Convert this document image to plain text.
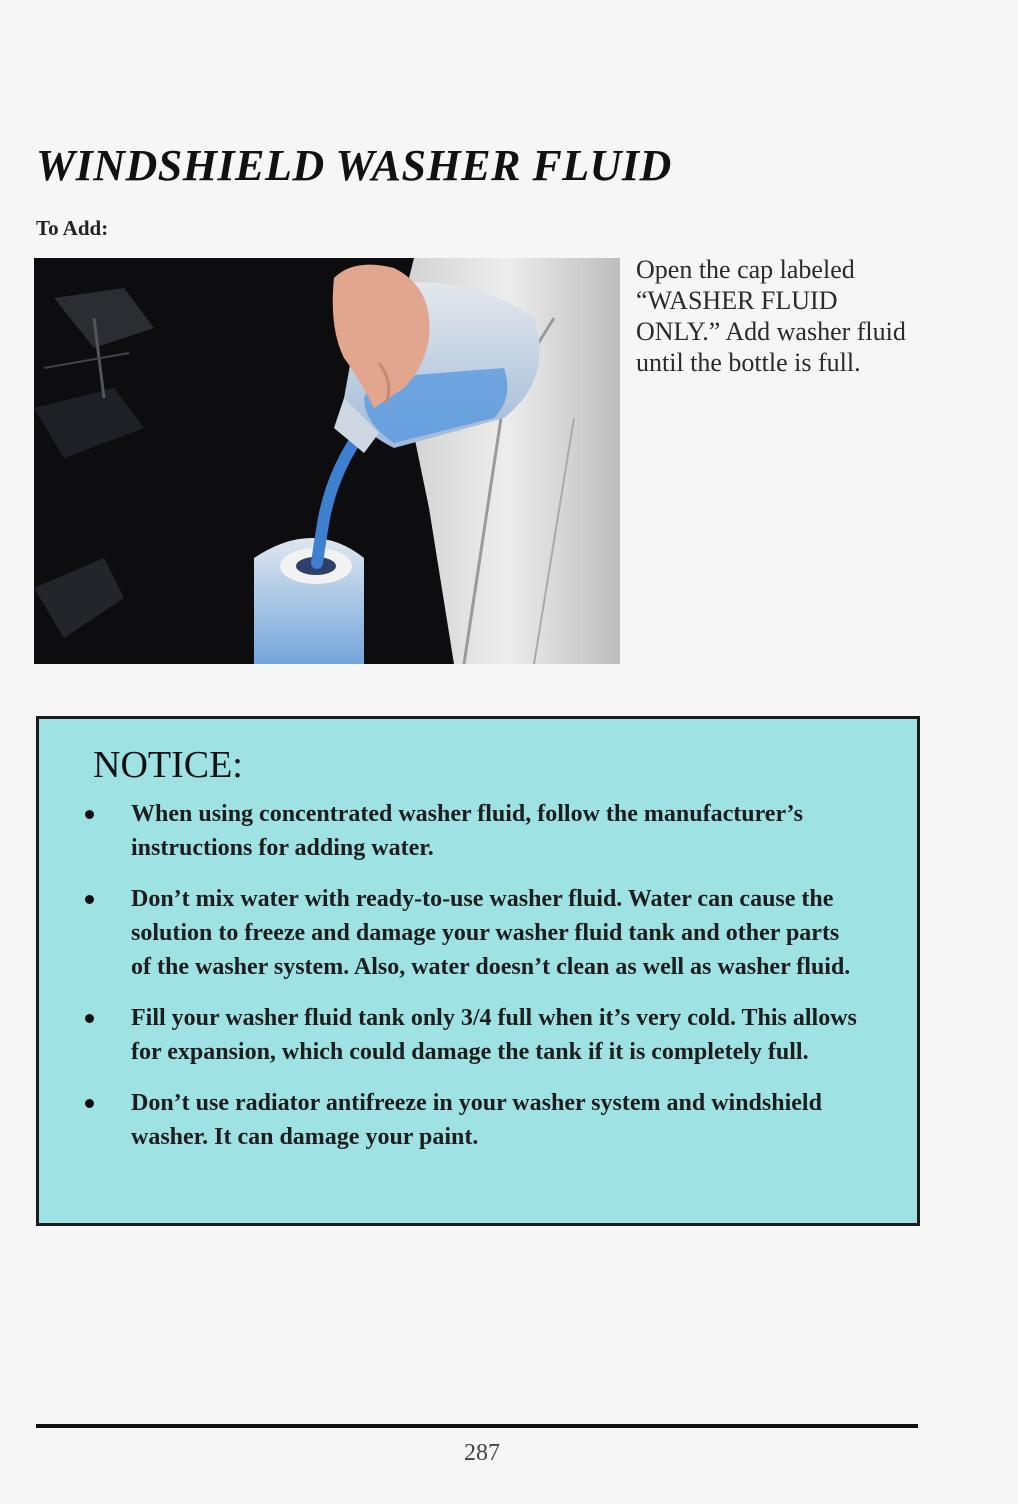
WINDSHIELD WASHER FLUID

To Add:

Open the cap labeled “WASHER FLUID ONLY.” Add washer fluid until the bottle is full.

NOTICE:
When using concentrated washer fluid, follow the manufacturer’s instructions for adding water.
Don’t mix water with ready-to-use washer fluid. Water can cause the solution to freeze and damage your washer fluid tank and other parts of the washer system. Also, water doesn’t clean as well as washer fluid.
Fill your washer fluid tank only 3/4 full when it’s very cold. This allows for expansion, which could damage the tank if it is completely full.
Don’t use radiator antifreeze in your washer system and windshield washer. It can damage your paint.
287
